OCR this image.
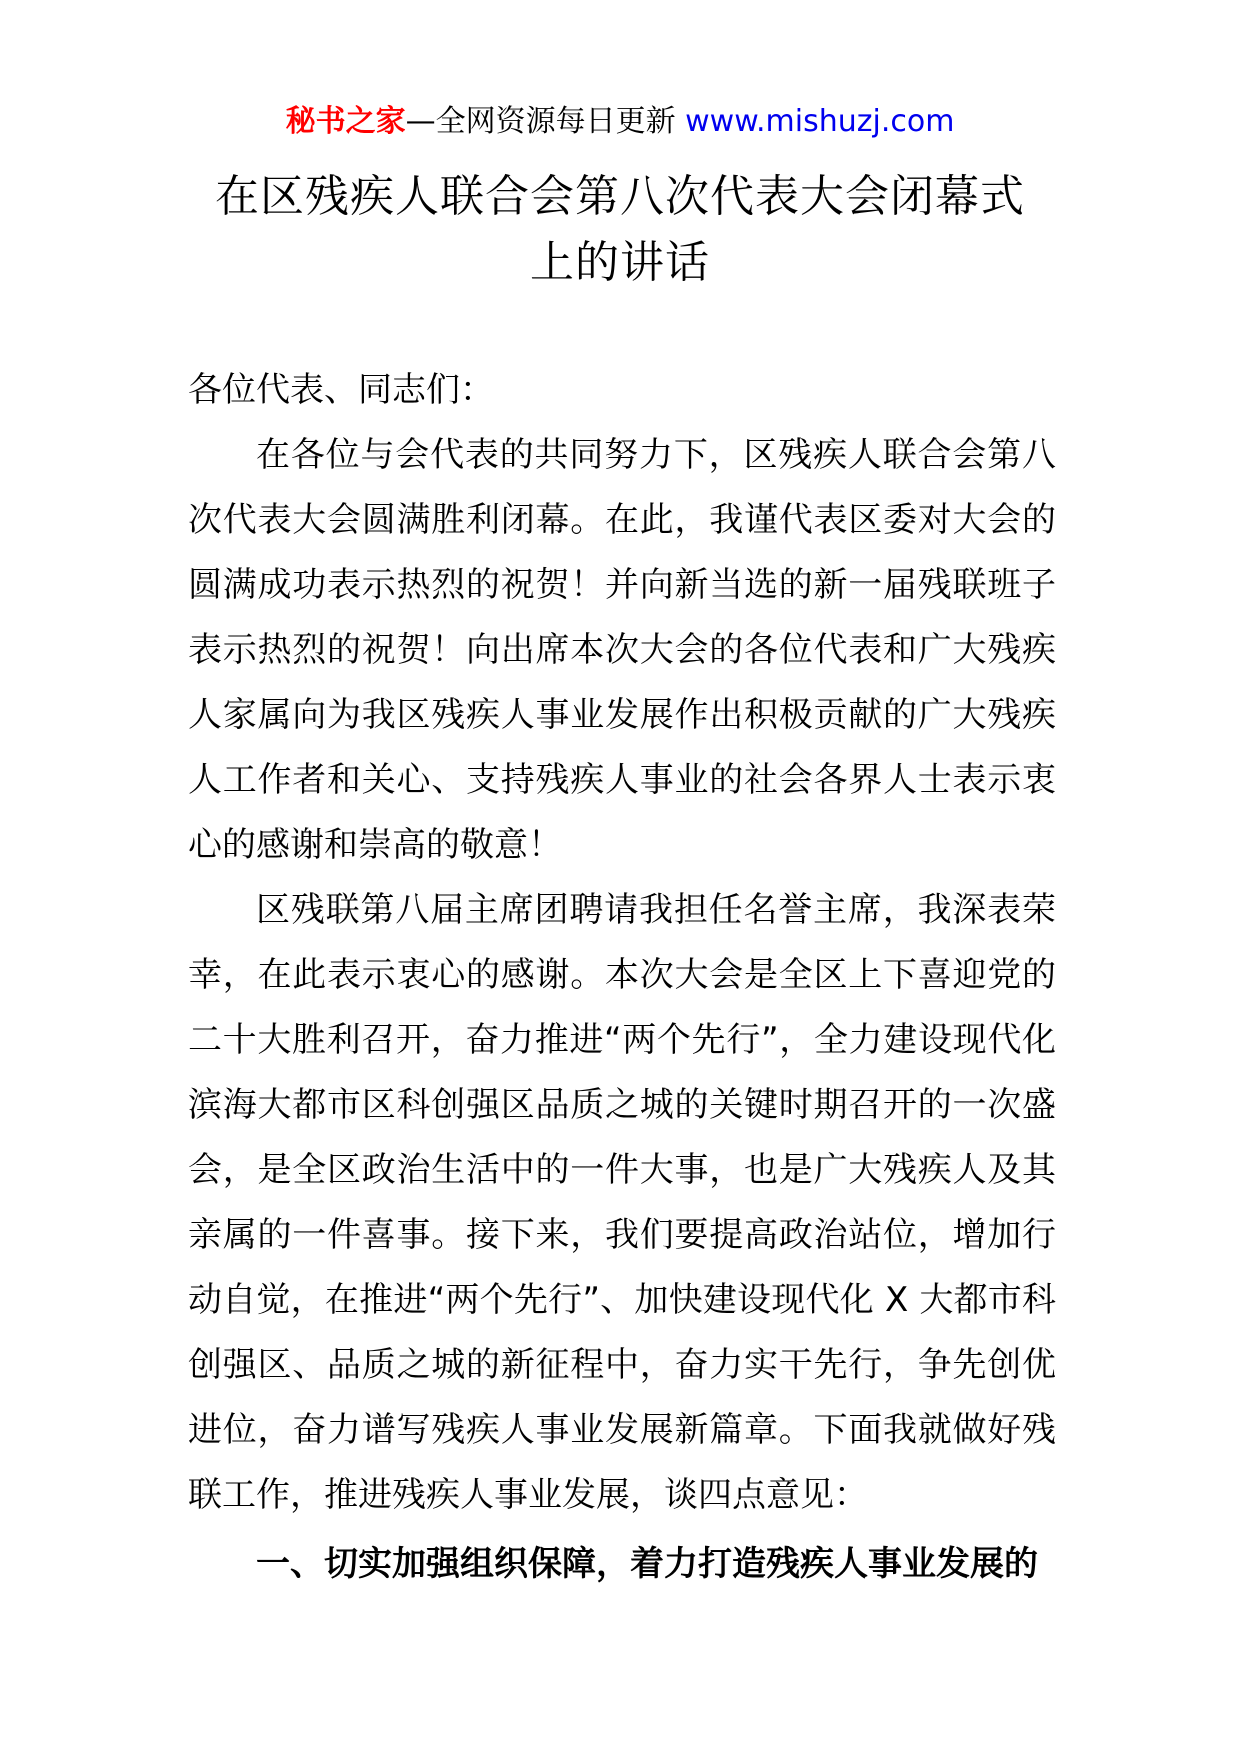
秘书之家—全网资源每日更新 www.mishuzj.com
在区残疾人联合会第八次代表大会闭幕式
上的讲话

各位代表、同志们：

在各位与会代表的共同努力下，区残疾人联合会第八次代表大会圆满胜利闭幕。在此，我谨代表区委对大会的圆满成功表示热烈的祝贺！并向新当选的新一届残联班子表示热烈的祝贺！向出席本次大会的各位代表和广大残疾人家属向为我区残疾人事业发展作出积极贡献的广大残疾人工作者和关心、支持残疾人事业的社会各界人士表示衷心的感谢和崇高的敬意！

区残联第八届主席团聘请我担任名誉主席，我深表荣幸，在此表示衷心的感谢。本次大会是全区上下喜迎党的二十大胜利召开，奋力推进“两个先行”，全力建设现代化滨海大都市区科创强区品质之城的关键时期召开的一次盛会，是全区政治生活中的一件大事，也是广大残疾人及其亲属的一件喜事。接下来，我们要提高政治站位，增加行动自觉，在推进“两个先行”、加快建设现代化 X 大都市科创强区、品质之城的新征程中，奋力实干先行，争先创优进位，奋力谱写残疾人事业发展新篇章。下面我就做好残联工作，推进残疾人事业发展，谈四点意见：

一、切实加强组织保障，着力打造残疾人事业发展的
